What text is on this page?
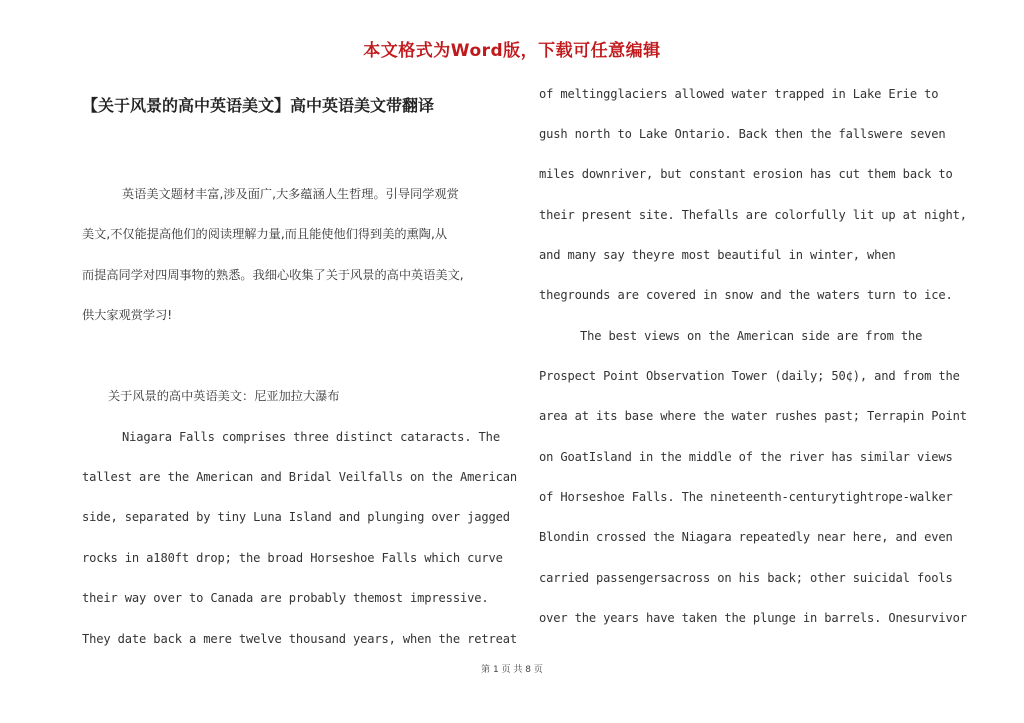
本文格式为Word版，下载可任意编辑
【关于风景的高中英语美文】高中英语美文带翻译
英语美文题材丰富,涉及面广,大多蕴涵人生哲理。引导同学观赏
美文,不仅能提高他们的阅读理解力量,而且能使他们得到美的熏陶,从
而提高同学对四周事物的熟悉。我细心收集了关于风景的高中英语美文,
供大家观赏学习!
关于风景的高中英语美文：尼亚加拉大瀑布
Niagara Falls comprises three distinct cataracts. The
tallest are the American and Bridal Veilfalls on the American
side, separated by tiny Luna Island and plunging over jagged
rocks in a180ft drop; the broad Horseshoe Falls which curve
their way over to Canada are probably themost impressive.
They date back a mere twelve thousand years, when the retreat
of meltingglaciers allowed water trapped in Lake Erie to
gush north to Lake Ontario. Back then the fallswere seven
miles downriver, but constant erosion has cut them back to
their present site. Thefalls are colorfully lit up at night,
and many say theyre most beautiful in winter, when
thegrounds are covered in snow and the waters turn to ice.
The best views on the American side are from the
Prospect Point Observation Tower (daily; 50¢), and from the
area at its base where the water rushes past; Terrapin Point
on GoatIsland in the middle of the river has similar views
of Horseshoe Falls. The nineteenth-centurytightrope-walker
Blondin crossed the Niagara repeatedly near here, and even
carried passengersacross on his back; other suicidal fools
over the years have taken the plunge in barrels. Onesurvivor
第 1 页 共 8 页
